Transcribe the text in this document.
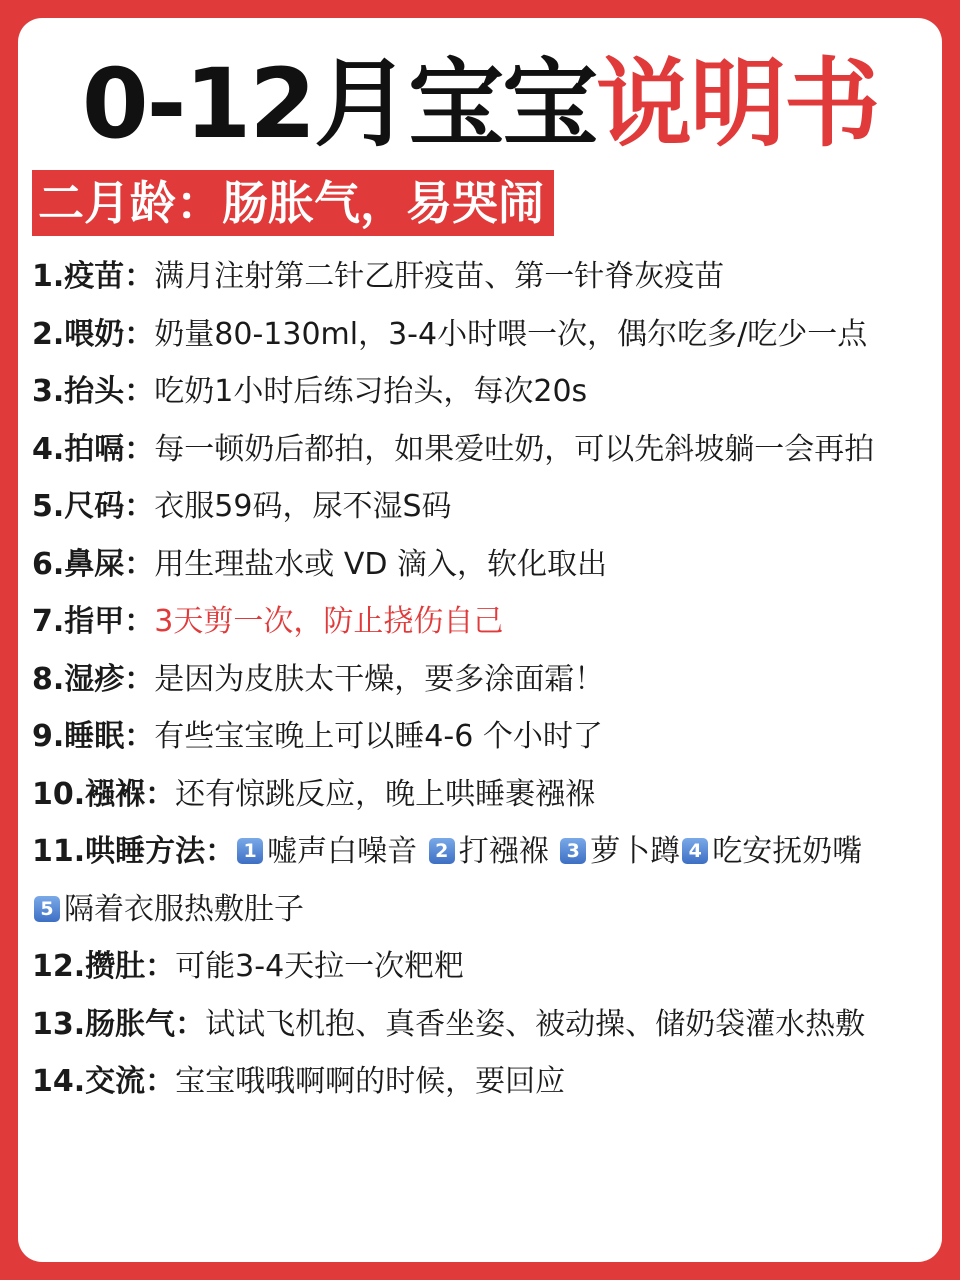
0-12月宝宝说明书
二月龄：肠胀气，易哭闹
1.疫苗：满月注射第二针乙肝疫苗、第一针脊灰疫苗
2.喂奶：奶量80-130ml，3-4小时喂一次，偶尔吃多/吃少一点
3.抬头：吃奶1小时后练习抬头，每次20s
4.拍嗝：每一顿奶后都拍，如果爱吐奶，可以先斜坡躺一会再拍
5.尺码：衣服59码，尿不湿S码
6.鼻屎：用生理盐水或 VD 滴入，软化取出
7.指甲：3天剪一次，防止挠伤自己
8.湿疹：是因为皮肤太干燥，要多涂面霜！
9.睡眠：有些宝宝晚上可以睡4-6 个小时了
10.襁褓：还有惊跳反应，晚上哄睡裹襁褓
11.哄睡方法： 1 嘘声白噪音 2 打襁褓 3 萝卜蹲 4 吃安抚奶嘴
5 隔着衣服热敷肚子
12.攒肚：可能3-4天拉一次粑粑
13.肠胀气：试试飞机抱、真香坐姿、被动操、储奶袋灌水热敷
14.交流：宝宝哦哦啊啊的时候，要回应
